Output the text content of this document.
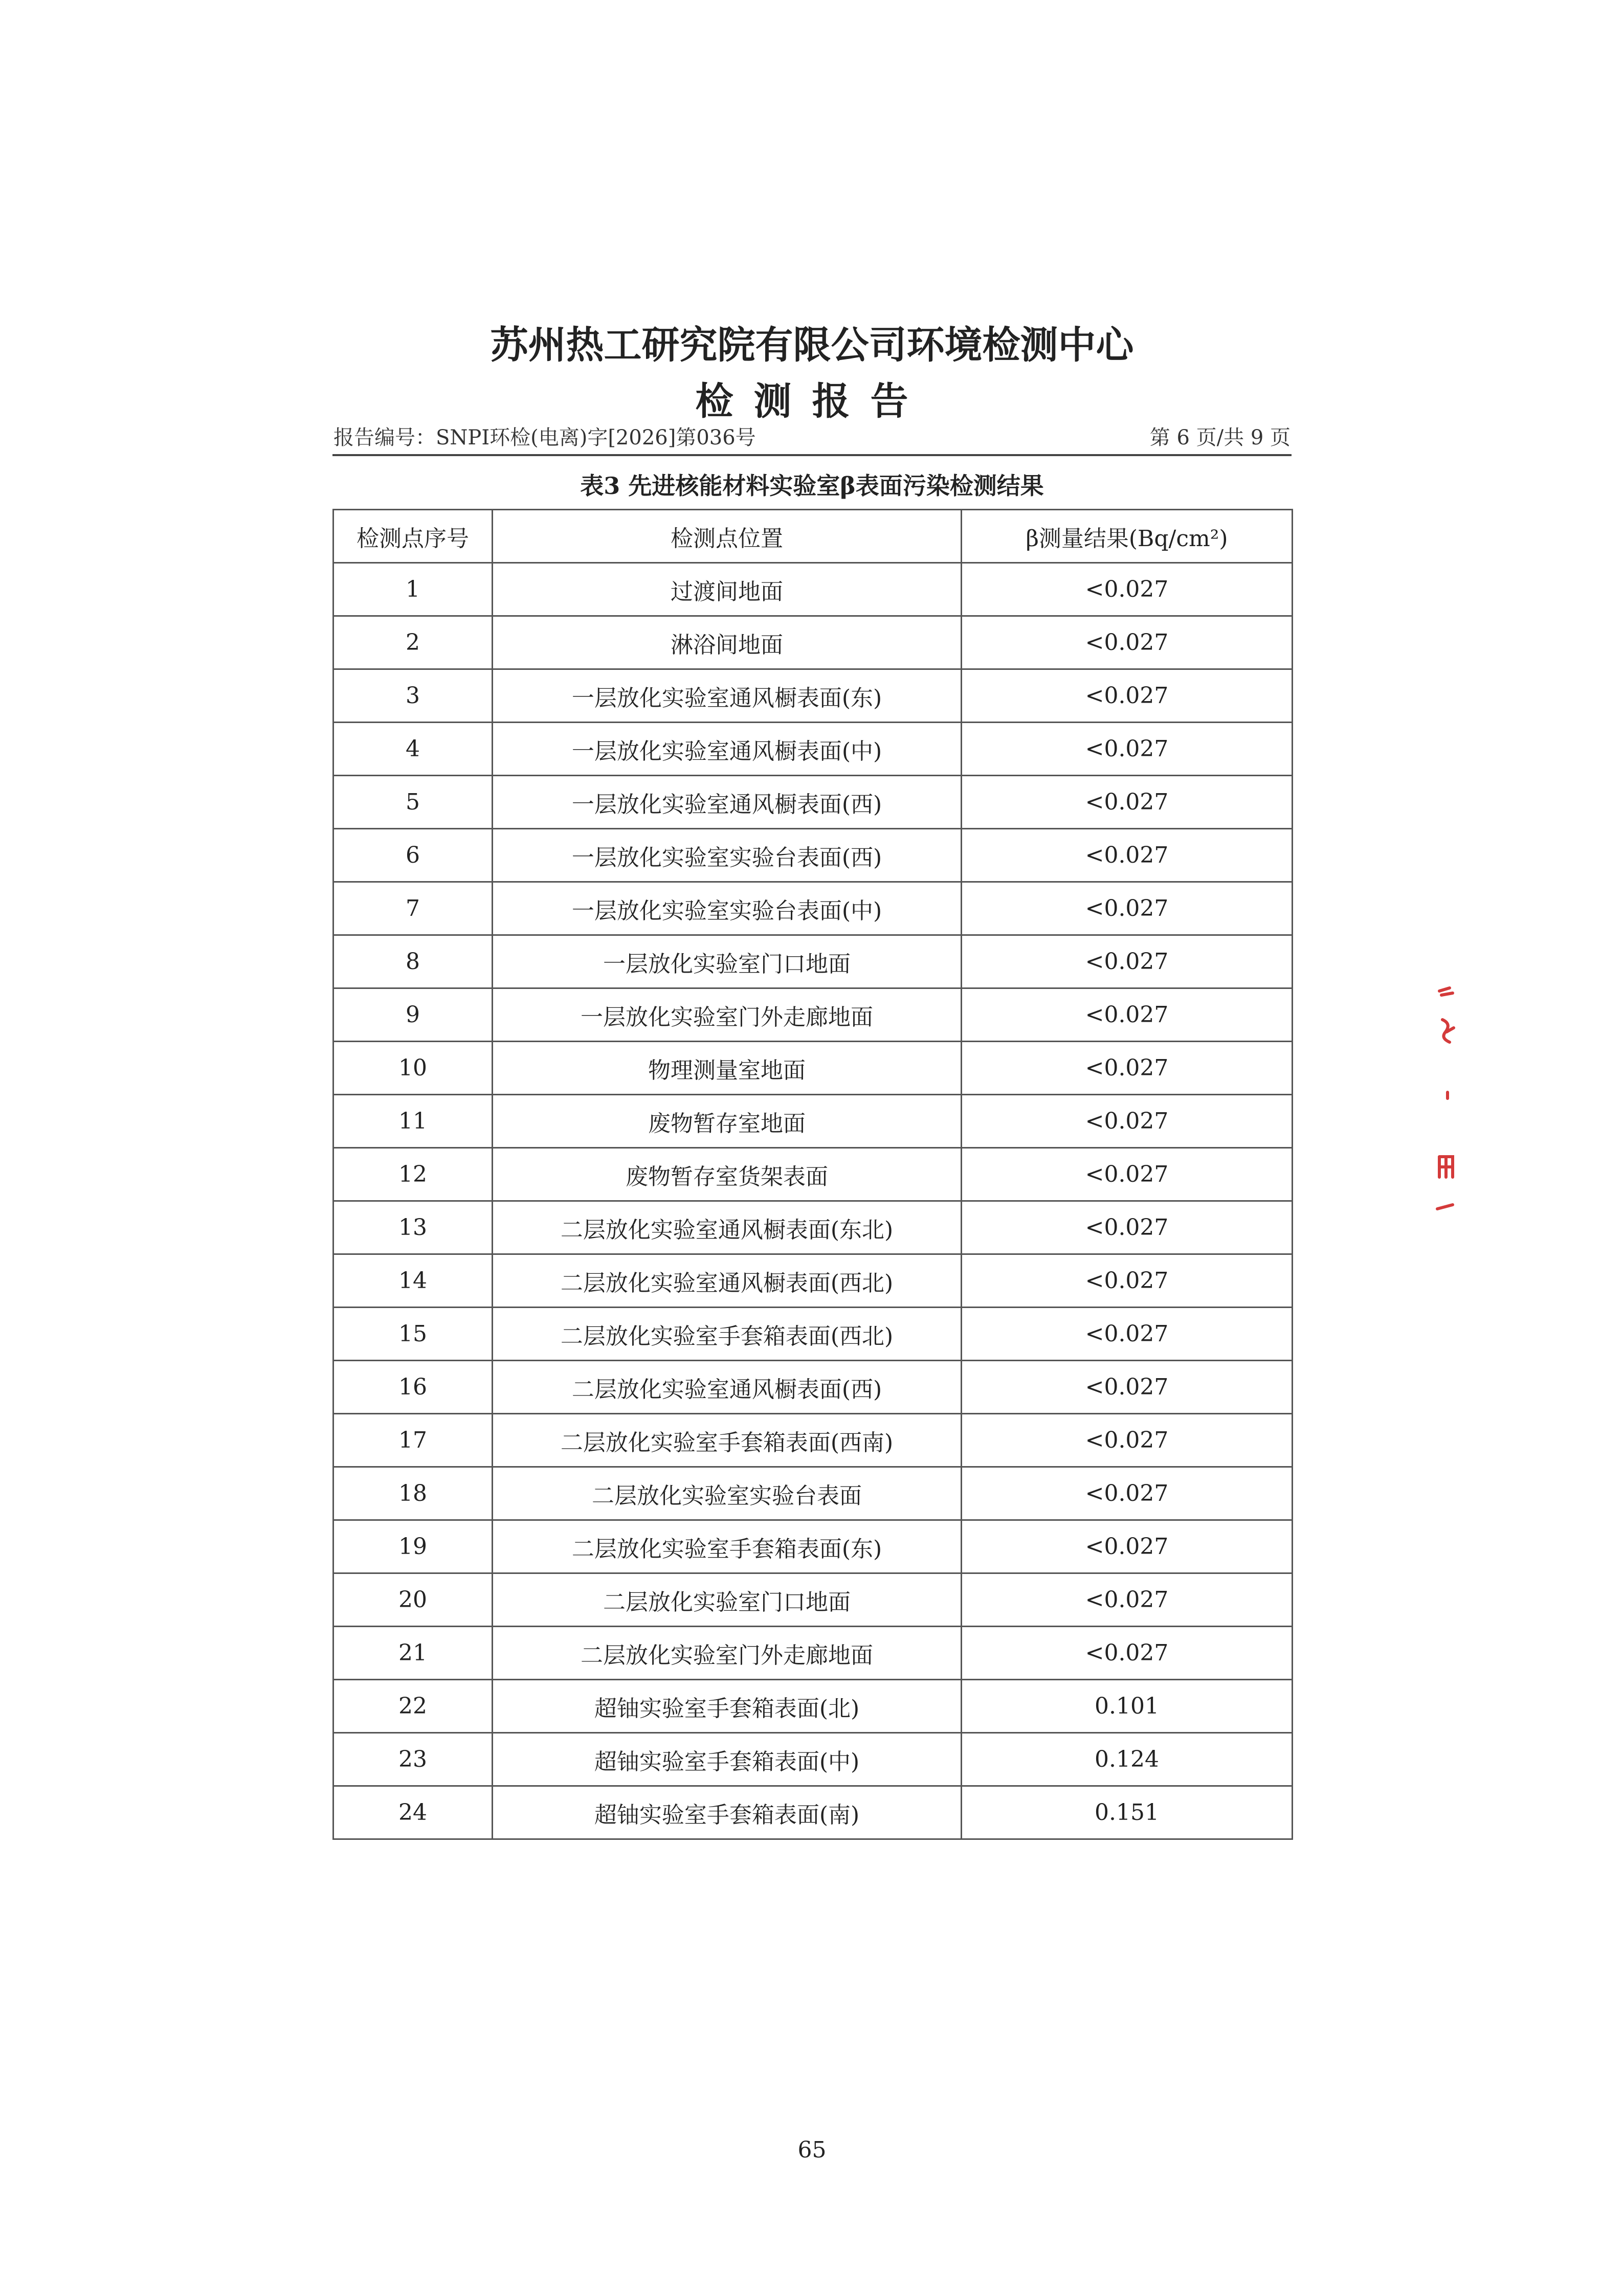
苏州热工研究院有限公司环境检测中心
检测报告
报告编号：SNPI环检(电离)字[2026]第036号	第 6 页/共 9 页
表3 先进核能材料实验室β表面污染检测结果
检测点序号	检测点位置	β测量结果(Bq/cm²)
1	过渡间地面	<0.027
2	淋浴间地面	<0.027
3	一层放化实验室通风橱表面(东)	<0.027
4	一层放化实验室通风橱表面(中)	<0.027
5	一层放化实验室通风橱表面(西)	<0.027
6	一层放化实验室实验台表面(西)	<0.027
7	一层放化实验室实验台表面(中)	<0.027
8	一层放化实验室门口地面	<0.027
9	一层放化实验室门外走廊地面	<0.027
10	物理测量室地面	<0.027
11	废物暂存室地面	<0.027
12	废物暂存室货架表面	<0.027
13	二层放化实验室通风橱表面(东北)	<0.027
14	二层放化实验室通风橱表面(西北)	<0.027
15	二层放化实验室手套箱表面(西北)	<0.027
16	二层放化实验室通风橱表面(西)	<0.027
17	二层放化实验室手套箱表面(西南)	<0.027
18	二层放化实验室实验台表面	<0.027
19	二层放化实验室手套箱表面(东)	<0.027
20	二层放化实验室门口地面	<0.027
21	二层放化实验室门外走廊地面	<0.027
22	超铀实验室手套箱表面(北)	0.101
23	超铀实验室手套箱表面(中)	0.124
24	超铀实验室手套箱表面(南)	0.151
65
